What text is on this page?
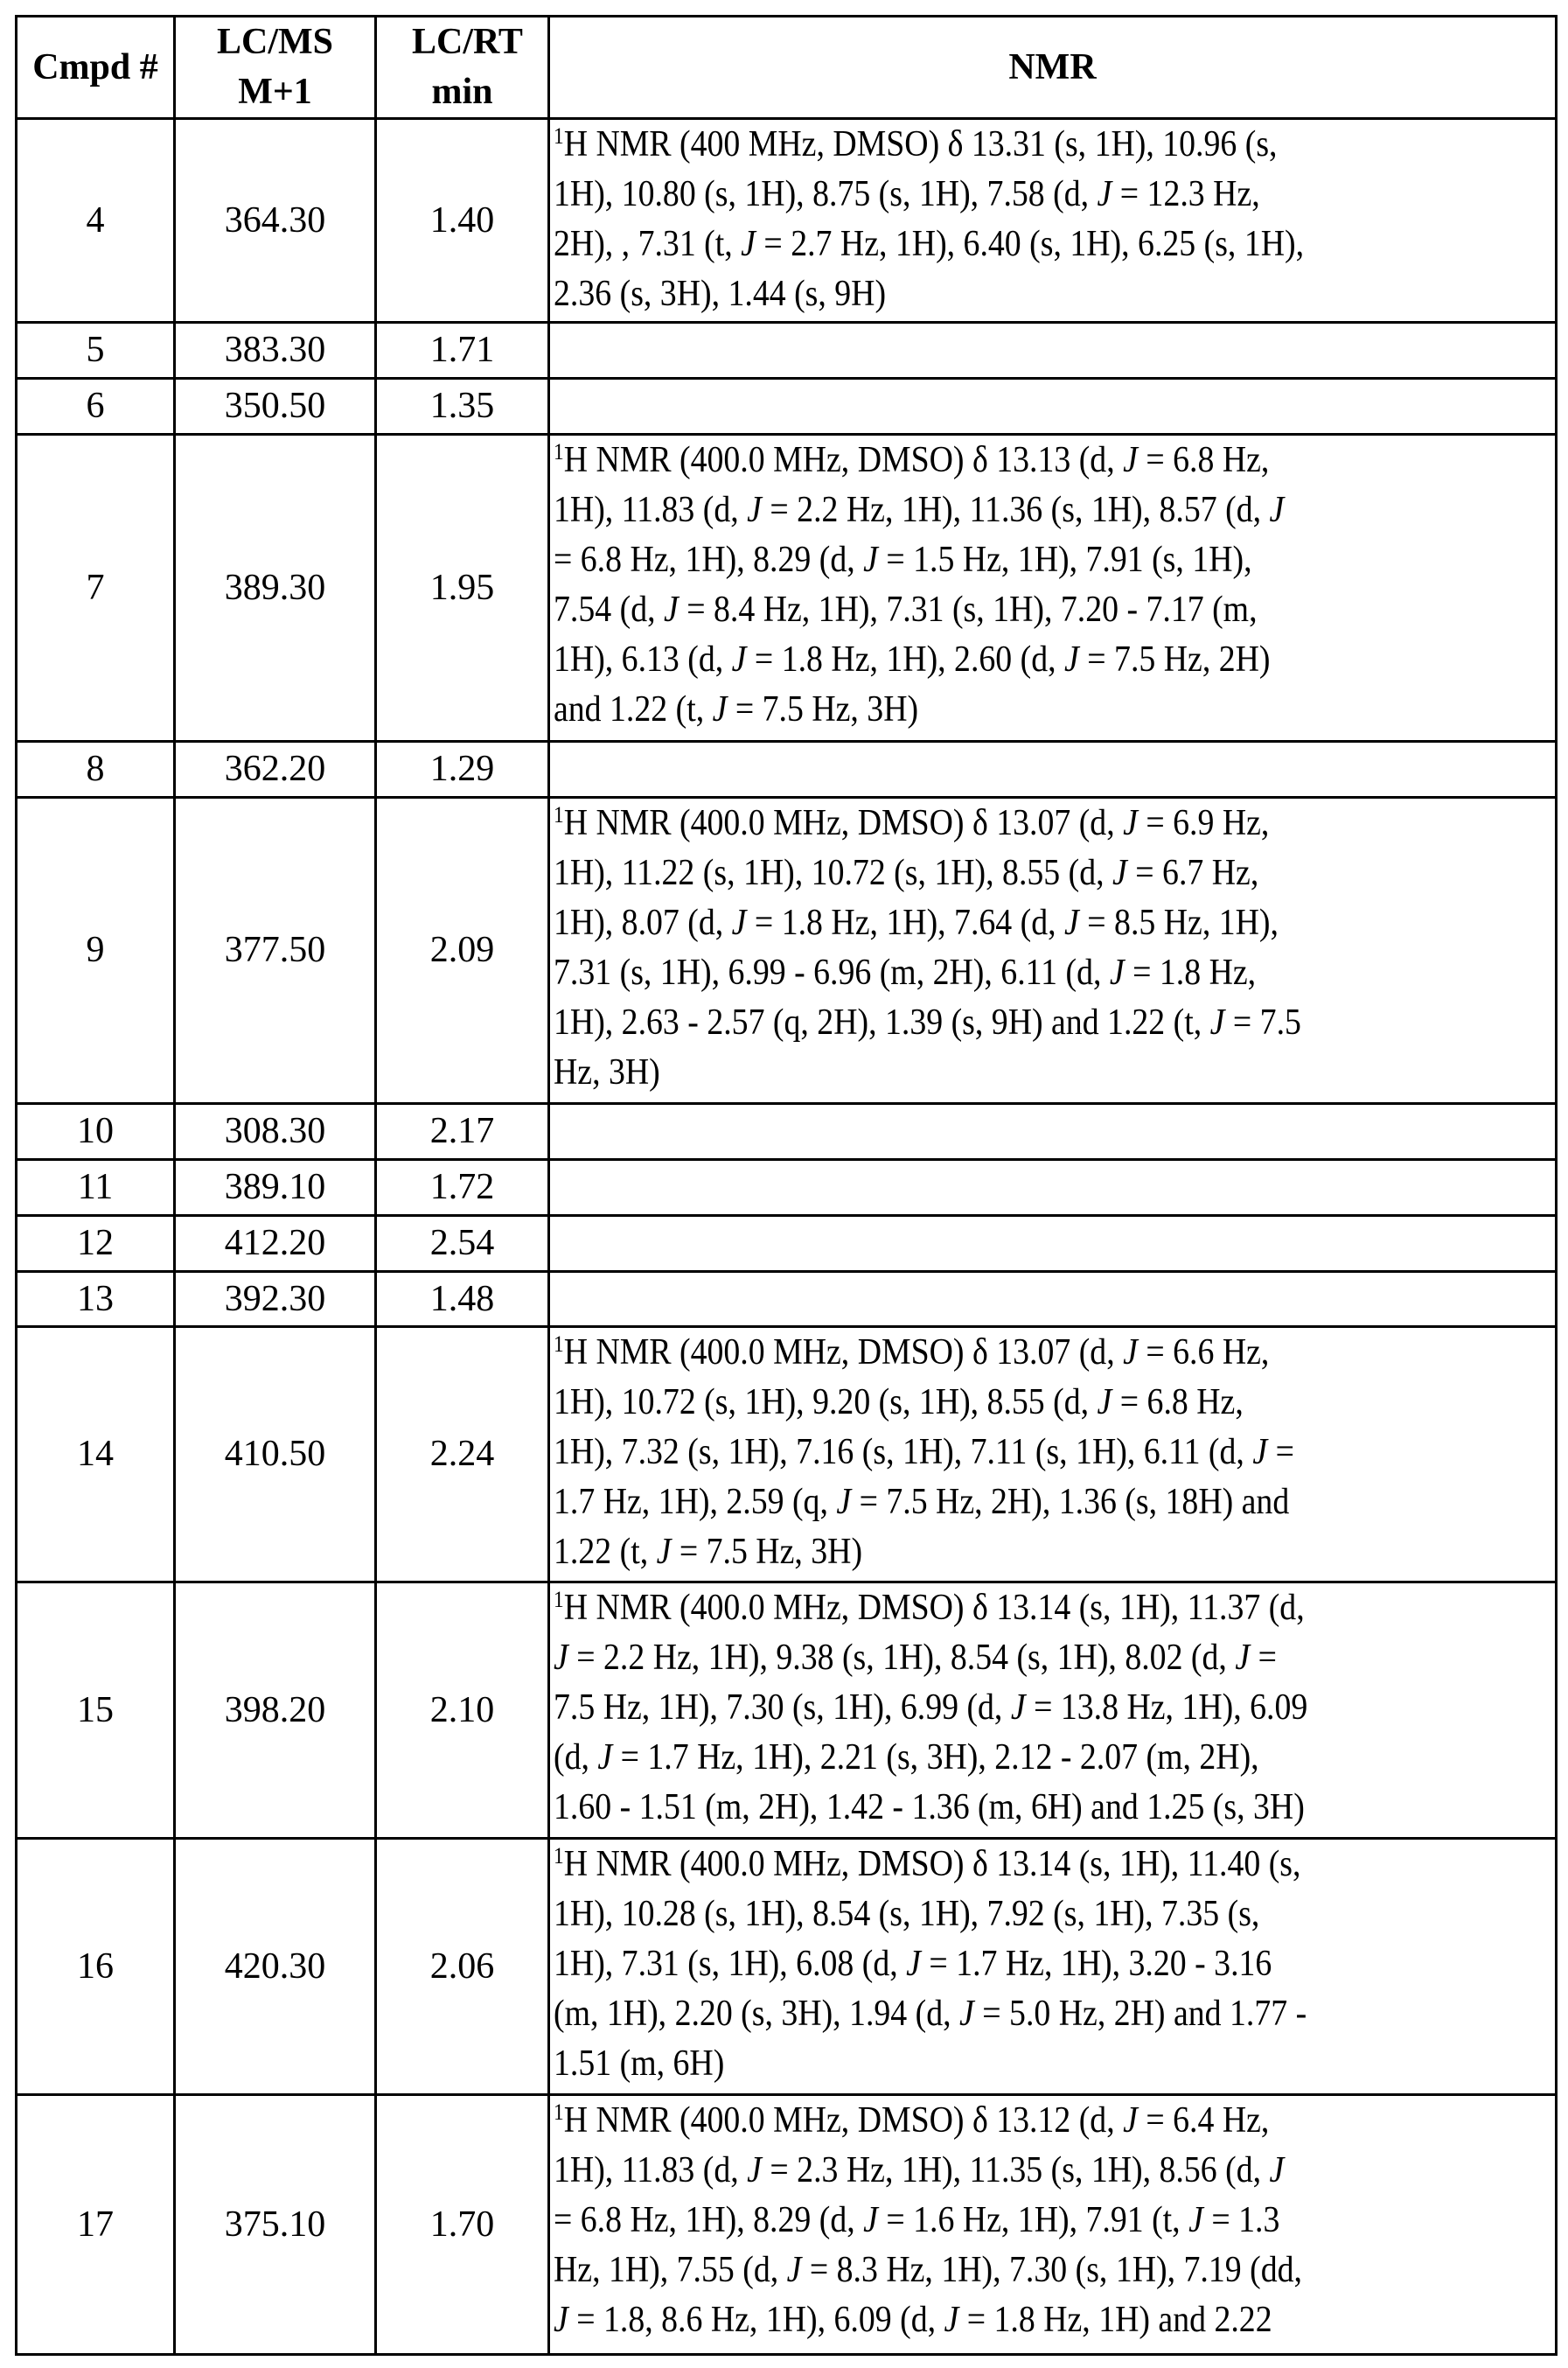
Cmpd #	LC/MS M+1	LC/RT min	NMR
4	364.30	1.40	
1H NMR (400 MHz, DMSO) δ 13.31 (s, 1H), 10.96 (s,
1H), 10.80 (s, 1H), 8.75 (s, 1H), 7.58 (d, J = 12.3 Hz,
2H), , 7.31 (t, J = 2.7 Hz, 1H), 6.40 (s, 1H), 6.25 (s, 1H),
2.36 (s, 3H), 1.44 (s, 9H)

5	383.30	1.71	
6	350.50	1.35	
7	389.30	1.95	
1H NMR (400.0 MHz, DMSO) δ 13.13 (d, J = 6.8 Hz,
1H), 11.83 (d, J = 2.2 Hz, 1H), 11.36 (s, 1H), 8.57 (d, J
= 6.8 Hz, 1H), 8.29 (d, J = 1.5 Hz, 1H), 7.91 (s, 1H),
7.54 (d, J = 8.4 Hz, 1H), 7.31 (s, 1H), 7.20 - 7.17 (m,
1H), 6.13 (d, J = 1.8 Hz, 1H), 2.60 (d, J = 7.5 Hz, 2H)
and 1.22 (t, J = 7.5 Hz, 3H)

8	362.20	1.29	
9	377.50	2.09	
1H NMR (400.0 MHz, DMSO) δ 13.07 (d, J = 6.9 Hz,
1H), 11.22 (s, 1H), 10.72 (s, 1H), 8.55 (d, J = 6.7 Hz,
1H), 8.07 (d, J = 1.8 Hz, 1H), 7.64 (d, J = 8.5 Hz, 1H),
7.31 (s, 1H), 6.99 - 6.96 (m, 2H), 6.11 (d, J = 1.8 Hz,
1H), 2.63 - 2.57 (q, 2H), 1.39 (s, 9H) and 1.22 (t, J = 7.5
Hz, 3H)

10	308.30	2.17	
11	389.10	1.72	
12	412.20	2.54	
13	392.30	1.48	
14	410.50	2.24	
1H NMR (400.0 MHz, DMSO) δ 13.07 (d, J = 6.6 Hz,
1H), 10.72 (s, 1H), 9.20 (s, 1H), 8.55 (d, J = 6.8 Hz,
1H), 7.32 (s, 1H), 7.16 (s, 1H), 7.11 (s, 1H), 6.11 (d, J =
1.7 Hz, 1H), 2.59 (q, J = 7.5 Hz, 2H), 1.36 (s, 18H) and
1.22 (t, J = 7.5 Hz, 3H)

15	398.20	2.10	
1H NMR (400.0 MHz, DMSO) δ 13.14 (s, 1H), 11.37 (d,
J = 2.2 Hz, 1H), 9.38 (s, 1H), 8.54 (s, 1H), 8.02 (d, J =
7.5 Hz, 1H), 7.30 (s, 1H), 6.99 (d, J = 13.8 Hz, 1H), 6.09
(d, J = 1.7 Hz, 1H), 2.21 (s, 3H), 2.12 - 2.07 (m, 2H),
1.60 - 1.51 (m, 2H), 1.42 - 1.36 (m, 6H) and 1.25 (s, 3H)

16	420.30	2.06	
1H NMR (400.0 MHz, DMSO) δ 13.14 (s, 1H), 11.40 (s,
1H), 10.28 (s, 1H), 8.54 (s, 1H), 7.92 (s, 1H), 7.35 (s,
1H), 7.31 (s, 1H), 6.08 (d, J = 1.7 Hz, 1H), 3.20 - 3.16
(m, 1H), 2.20 (s, 3H), 1.94 (d, J = 5.0 Hz, 2H) and 1.77 -
1.51 (m, 6H)

17	375.10	1.70	
1H NMR (400.0 MHz, DMSO) δ 13.12 (d, J = 6.4 Hz,
1H), 11.83 (d, J = 2.3 Hz, 1H), 11.35 (s, 1H), 8.56 (d, J
= 6.8 Hz, 1H), 8.29 (d, J = 1.6 Hz, 1H), 7.91 (t, J = 1.3
Hz, 1H), 7.55 (d, J = 8.3 Hz, 1H), 7.30 (s, 1H), 7.19 (dd,
J = 1.8, 8.6 Hz, 1H), 6.09 (d, J = 1.8 Hz, 1H) and 2.22
